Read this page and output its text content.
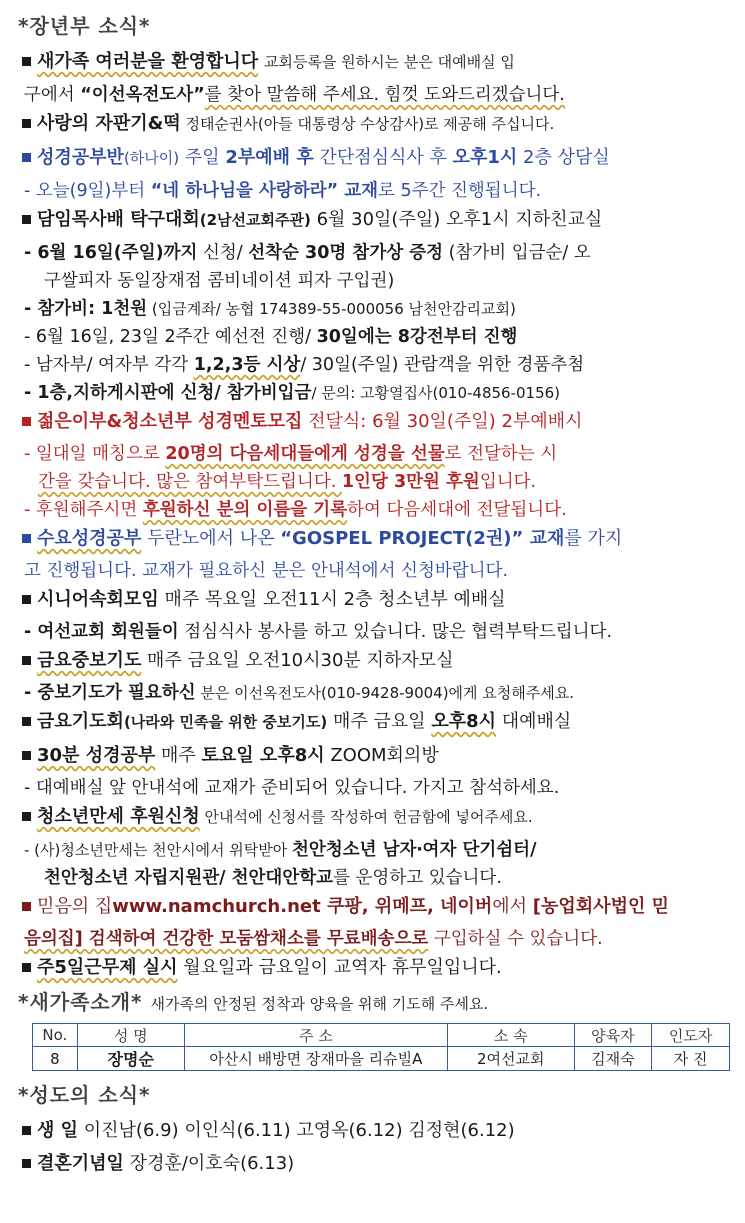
*장년부 소식*

새가족 여러분을 환영합니다 교회등록을 원하시는 분은 대예배실 입

구에서 “이선옥전도사”를 찾아 말씀해 주세요. 힘껏 도와드리겠습니다.

사랑의 자판기&떡 정태순권사(아들 대통령상 수상감사)로 제공해 주십니다.

성경공부반(하나이) 주일 2부예배 후 간단점심식사 후 오후1시 2층 상담실

- 오늘(9일)부터 “네 하나님을 사랑하라” 교재로 5주간 진행됩니다.

담임목사배 탁구대회(2남선교회주관) 6월 30일(주일) 오후1시 지하친교실

- 6월 16일(주일)까지 신청/ 선착순 30명 참가상 증정 (참가비 입금순/ 오

구쌀피자 동일장재점 콤비네이션 피자 구입권)

- 참가비: 1천원 (입금계좌/ 농협 174389-55-000056 남천안감리교회)

- 6월 16일, 23일 2주간 예선전 진행/ 30일에는 8강전부터 진행

- 남자부/ 여자부 각각 1,2,3등 시상/ 30일(주일) 관람객을 위한 경품추첨

- 1층,지하게시판에 신청/ 참가비입금/ 문의: 고황열집사(010-4856-0156)

젊은이부&청소년부 성경멘토모집 전달식: 6월 30일(주일) 2부예배시

- 일대일 매칭으로 20명의 다음세대들에게 성경을 선물로 전달하는 시

간을 갖습니다. 많은 참여부탁드립니다. 1인당 3만원 후원입니다.

- 후원해주시면 후원하신 분의 이름을 기록하여 다음세대에 전달됩니다.

수요성경공부 두란노에서 나온 “GOSPEL PROJECT(2권)” 교재를 가지

고 진행됩니다. 교재가 필요하신 분은 안내석에서 신청바랍니다.

시니어속회모임 매주 목요일 오전11시 2층 청소년부 예배실

- 여선교회 회원들이 점심식사 봉사를 하고 있습니다. 많은 협력부탁드립니다.

금요중보기도 매주 금요일 오전10시30분 지하자모실

- 중보기도가 필요하신 분은 이선옥전도사(010-9428-9004)에게 요청해주세요.

금요기도회(나라와 민족을 위한 중보기도) 매주 금요일 오후8시 대예배실

30분 성경공부 매주 토요일 오후8시 ZOOM회의방

- 대예배실 앞 안내석에 교재가 준비되어 있습니다. 가지고 참석하세요.

청소년만세 후원신청 안내석에 신청서를 작성하여 헌금함에 넣어주세요.

- (사)청소년만세는 천안시에서 위탁받아 천안청소년 남자‧여자 단기쉼터/

천안청소년 자립지원관/ 천안대안학교를 운영하고 있습니다.

믿음의 집www.namchurch.net 쿠팡, 위메프, 네이버에서 [농업회사법인 믿

음의집] 검색하여 건강한 모둠쌈채소를 무료배송으로 구입하실 수 있습니다.

주5일근무제 실시 월요일과 금요일이 교역자 휴무일입니다.

*새가족소개* 새가족의 안정된 정착과 양육을 위해 기도해 주세요.
No.	성 명	주 소	소 속	양육자	인도자
8	장명순	아산시 배방면 장재마을 리슈빌A	2여선교회	김재숙	자 진
*성도의 소식*

생 일 이진남(6.9) 이인식(6.11) 고영옥(6.12) 김정현(6.12)

결혼기념일 장경훈/이호숙(6.13)
